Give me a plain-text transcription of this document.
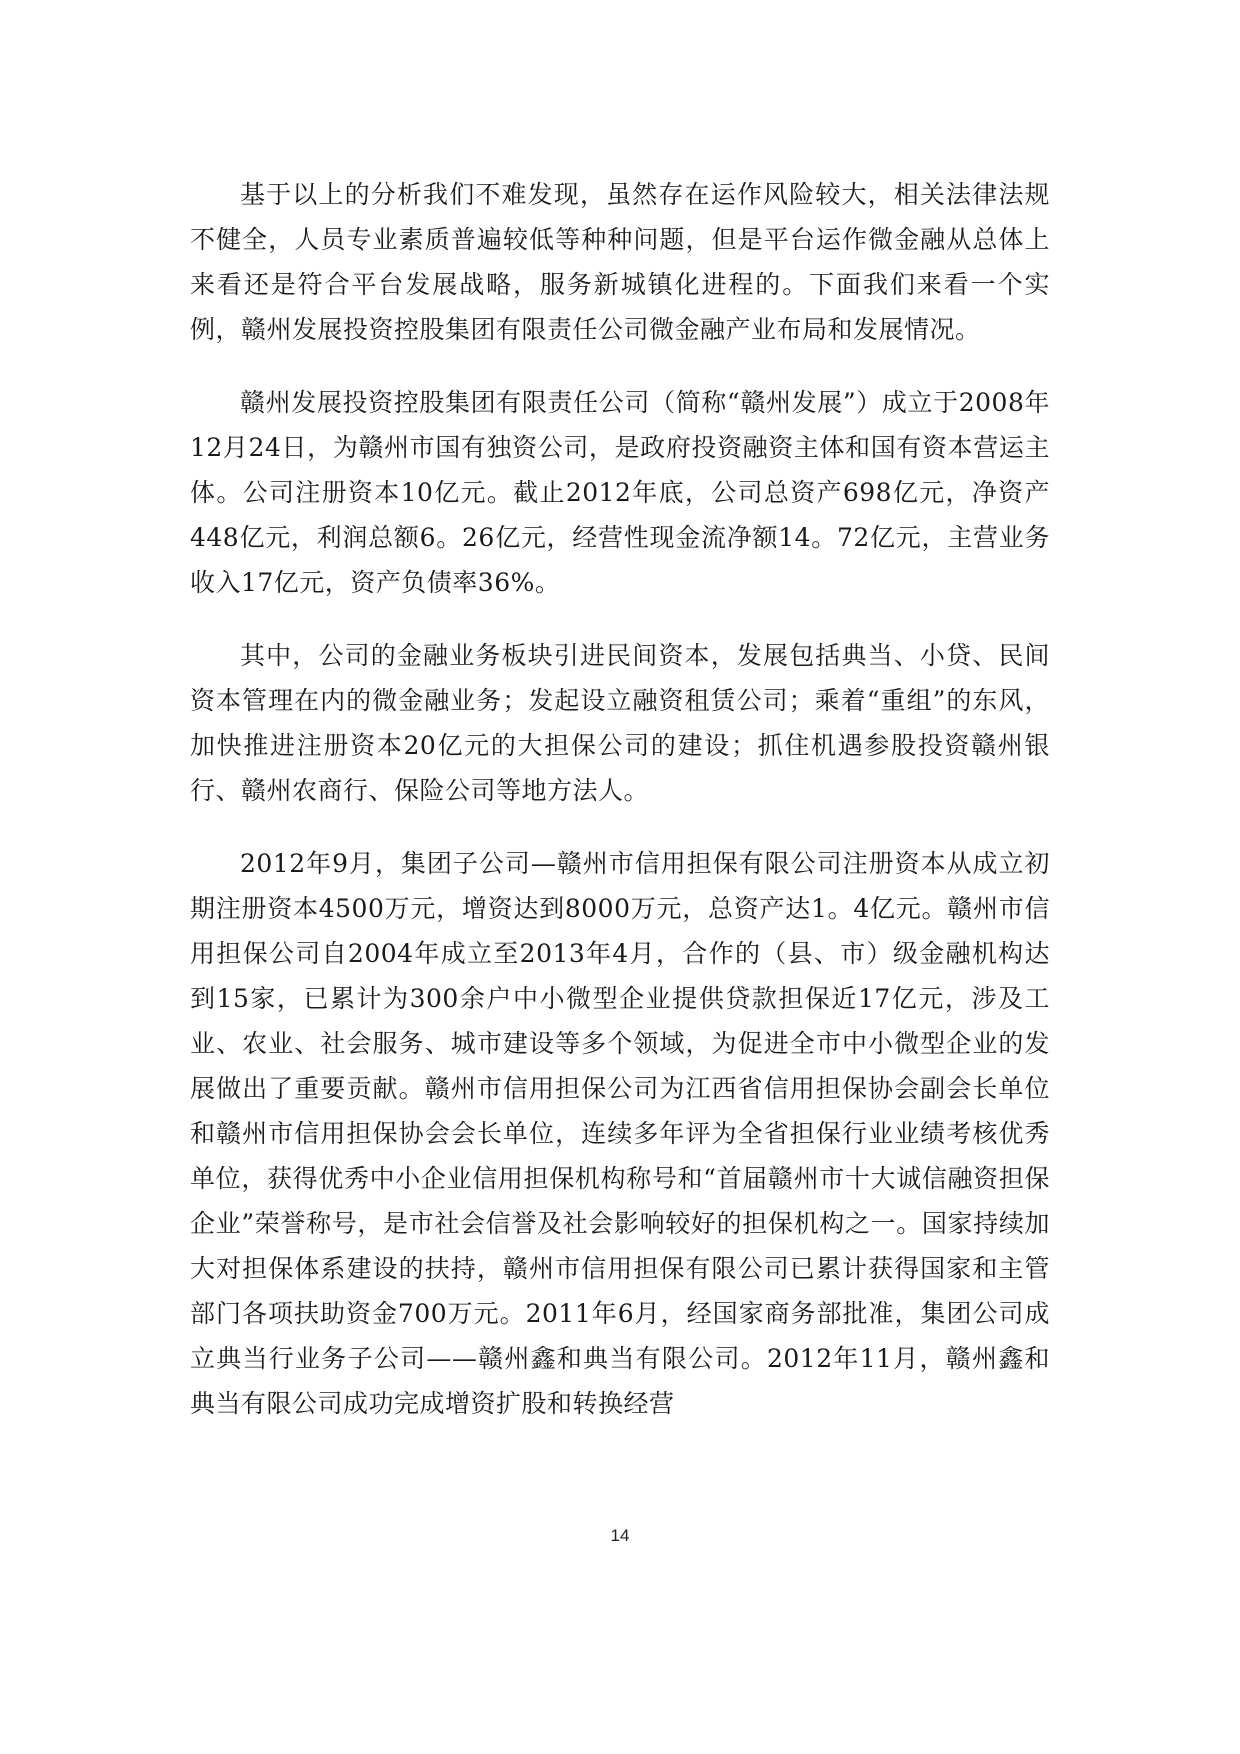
基于以上的分析我们不难发现，虽然存在运作风险较大，相关法律法规不健全，人员专业素质普遍较低等种种问题，但是平台运作微金融从总体上来看还是符合平台发展战略，服务新城镇化进程的。下面我们来看一个实例，赣州发展投资控股集团有限责任公司微金融产业布局和发展情况。

赣州发展投资控股集团有限责任公司（简称“赣州发展”）成立于2008年12月24日，为赣州市国有独资公司，是政府投资融资主体和国有资本营运主体。公司注册资本10亿元。截止2012年底，公司总资产698亿元，净资产448亿元，利润总额6。26亿元，经营性现金流净额14。72亿元，主营业务收入17亿元，资产负债率36%。

其中，公司的金融业务板块引进民间资本，发展包括典当、小贷、民间资本管理在内的微金融业务；发起设立融资租赁公司；乘着“重组”的东风，加快推进注册资本20亿元的大担保公司的建设；抓住机遇参股投资赣州银行、赣州农商行、保险公司等地方法人。

2012年9月，集团子公司—赣州市信用担保有限公司注册资本从成立初期注册资本4500万元，增资达到8000万元，总资产达1。4亿元。赣州市信用担保公司自2004年成立至2013年4月，合作的（县、市）级金融机构达到15家，已累计为300余户中小微型企业提供贷款担保近17亿元，涉及工业、农业、社会服务、城市建设等多个领域，为促进全市中小微型企业的发展做出了重要贡献。赣州市信用担保公司为江西省信用担保协会副会长单位和赣州市信用担保协会会长单位，连续多年评为全省担保行业业绩考核优秀单位，获得优秀中小企业信用担保机构称号和“首届赣州市十大诚信融资担保企业”荣誉称号，是市社会信誉及社会影响较好的担保机构之一。国家持续加大对担保体系建设的扶持，赣州市信用担保有限公司已累计获得国家和主管部门各项扶助资金700万元。2011年6月，经国家商务部批准，集团公司成立典当行业务子公司——赣州鑫和典当有限公司。2012年11月，赣州鑫和典当有限公司成功完成增资扩股和转换经营

14
